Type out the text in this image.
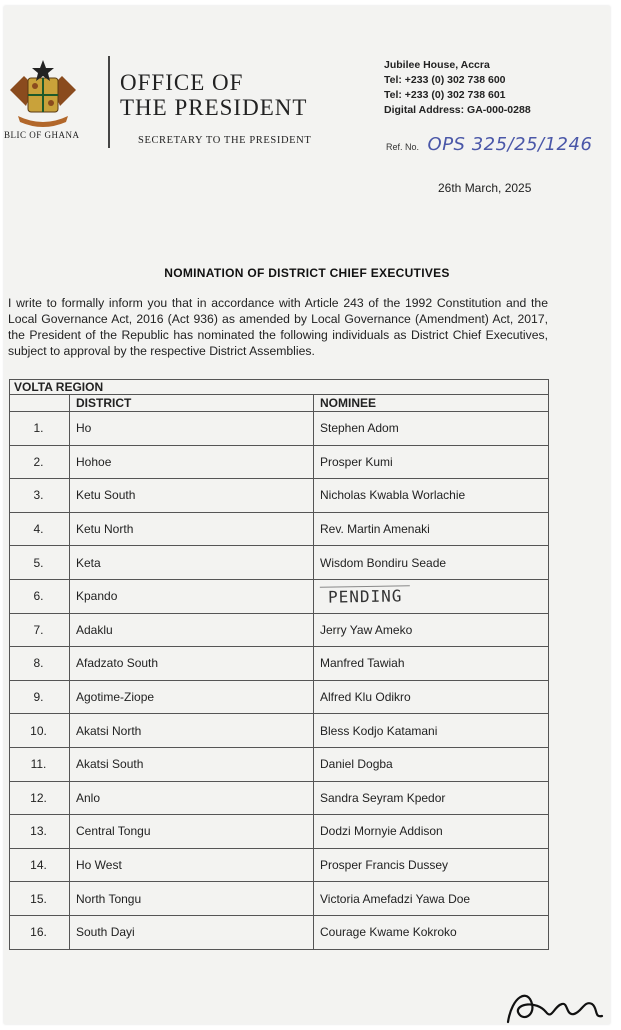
BLIC OF GHANA
OFFICE OF
THE PRESIDENT
SECRETARY TO THE PRESIDENT
Jubilee House, Accra
Tel: +233 (0) 302 738 600
Tel: +233 (0) 302 738 601
Digital Address: GA-000-0288
Ref. No. OPS 325/25/1246
26th March, 2025
NOMINATION OF DISTRICT CHIEF EXECUTIVES
I write to formally inform you that in accordance with Article 243 of the 1992 Constitution and the Local Governance Act, 2016 (Act 936) as amended by Local Governance (Amendment) Act, 2017, the President of the Republic has nominated the following individuals as District Chief Executives, subject to approval by the respective District Assemblies.
VOLTA REGION		
	DISTRICT	NOMINEE
1.	Ho	Stephen Adom
2.	Hohoe	Prosper Kumi
3.	Ketu South	Nicholas Kwabla Worlachie
4.	Ketu North	Rev. Martin Amenaki
5.	Keta	Wisdom Bondiru Seade
6.	Kpando	PENDING
7.	Adaklu	Jerry Yaw Ameko
8.	Afadzato South	Manfred Tawiah
9.	Agotime-Ziope	Alfred Klu Odikro
10.	Akatsi North	Bless Kodjo Katamani
11.	Akatsi South	Daniel Dogba
12.	Anlo	Sandra Seyram Kpedor
13.	Central Tongu	Dodzi Mornyie Addison
14.	Ho West	Prosper Francis Dussey
15.	North Tongu	Victoria Amefadzi Yawa Doe
16.	South Dayi	Courage Kwame Kokroko
